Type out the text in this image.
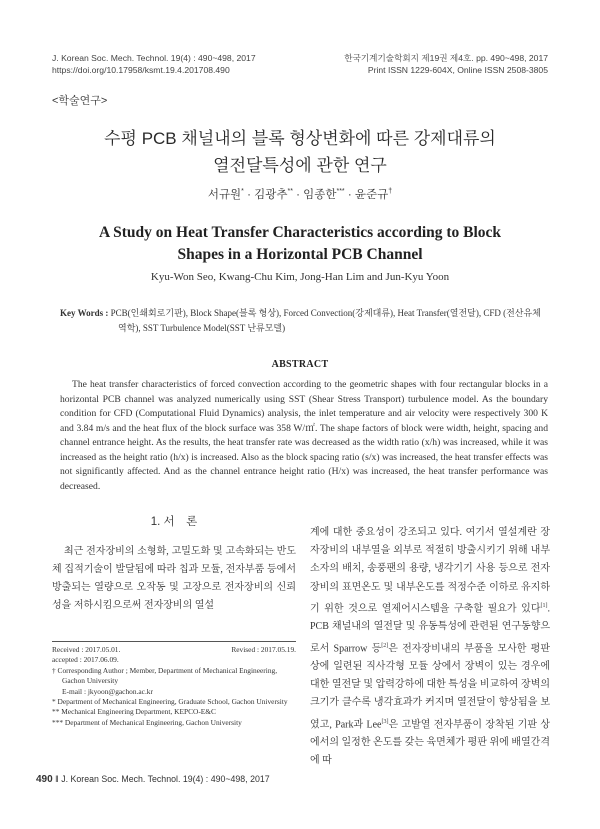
J. Korean Soc. Mech. Technol. 19(4) : 490~498, 2017
https://doi.org/10.17958/ksmt.19.4.201708.490
한국기계기술학회지 제19권 제4호. pp. 490~498, 2017
Print ISSN 1229-604X, Online ISSN 2508-3805
<학술연구>
수평 PCB 채널내의 블록 형상변화에 따른 강제대류의
열전달특성에 관한 연구
서규원* · 김광추** · 임종한*** · 윤준규†
A Study on Heat Transfer Characteristics according to Block
Shapes in a Horizontal PCB Channel
Kyu-Won Seo, Kwang-Chu Kim, Jong-Han Lim and Jun-Kyu Yoon
Key Words : PCB(인쇄회로기판), Block Shape(블록 형상), Forced Convection(강제대류), Heat Transfer(열전달), CFD (전산유체역학), SST Turbulence Model(SST 난류모델)
ABSTRACT

The heat transfer characteristics of forced convection according to the geometric shapes with four rectangular blocks in a horizontal PCB channel was analyzed numerically using SST (Shear Stress Transport) turbulence model. As the boundary condition for CFD (Computational Fluid Dynamics) analysis, the inlet temperature and air velocity were respectively 300 K and 3.84 m/s and the heat flux of the block surface was 358 W/㎡. The shape factors of block were width, height, spacing and channel entrance height. As the results, the heat transfer rate was decreased as the width ratio (x/h) was increased, while it was increased as the height ratio (h/x) is increased. Also as the block spacing ratio (s/x) was increased, the heat transfer effects was not significantly affected. And as the channel entrance height ratio (H/x) was increased, the heat transfer performance was decreased.

1. 서　론

최근 전자장비의 소형화, 고밀도화 및 고속화되는 반도체 집적기술이 발달됨에 따라 칩과 모듈, 전자부품 등에서 방출되는 열량으로 오작동 및 고장으로 전자장비의 신뢰성을 저하시킴으로써 전자장비의 열설

Received : 2017.05.01.	Revised : 2017.05.19.
accepted : 2017.06.09.
† Corresponding Author ; Member, Department of Mechanical Engineering, Gachon University
E-mail : jkyoon@gachon.ac.kr
* Department of Mechanical Engineering, Graduate School, Gachon University
** Mechanical Engineering Department, KEPCO-E&C
*** Department of Mechanical Engineering, Gachon University

계에 대한 중요성이 강조되고 있다. 여기서 열설계란 장자장비의 내부열을 외부로 적절히 방출시키기 위해 내부소자의 배치, 송풍팬의 용량, 냉각기기 사용 등으로 전자장비의 표면온도 및 내부온도를 적정수준 이하로 유지하기 위한 것으로 열제어시스템을 구축할 필요가 있다[1]. PCB 채널내의 열전달 및 유동특성에 관련된 연구동향으로서 Sparrow 등[2]은 전자장비내의 부품을 모사한 평판 상에 일련된 직사각형 모듈 상에서 장벽이 있는 경우에 대한 열전달 및 압력강하에 대한 특성을 비교하여 장벽의 크기가 클수록 냉각효과가 커지며 열전달이 향상됨을 보였고, Park과 Lee[3]은 고발열 전자부품이 장착된 기판 상에서의 일정한 온도를 갖는 육면체가 평판 위에 배열간격에 따

490 ‖ J. Korean Soc. Mech. Technol. 19(4) : 490~498, 2017
